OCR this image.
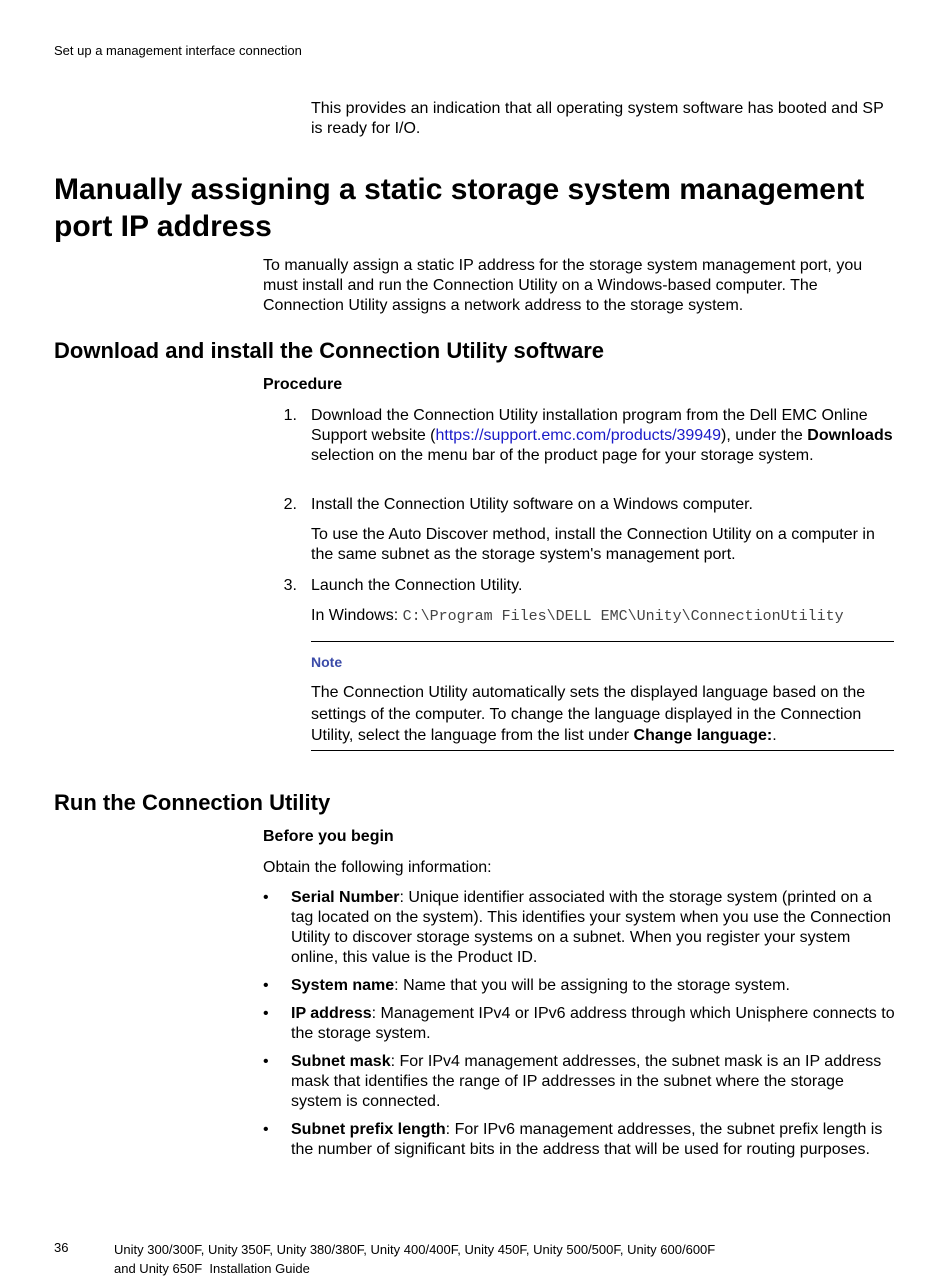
Set up a management interface connection
This provides an indication that all operating system software has booted and SP is ready for I/O.
Manually assigning a static storage system management port IP address
To manually assign a static IP address for the storage system management port, you must install and run the Connection Utility on a Windows-based computer. The Connection Utility assigns a network address to the storage system.
Download and install the Connection Utility software
Procedure
1. Download the Connection Utility installation program from the Dell EMC Online Support website (https://support.emc.com/products/39949), under the Downloads selection on the menu bar of the product page for your storage system.
2. Install the Connection Utility software on a Windows computer.
To use the Auto Discover method, install the Connection Utility on a computer in the same subnet as the storage system's management port.
3. Launch the Connection Utility.
In Windows: C:\Program Files\DELL EMC\Unity\ConnectionUtility
Note
The Connection Utility automatically sets the displayed language based on the settings of the computer. To change the language displayed in the Connection Utility, select the language from the list under Change language:.
Run the Connection Utility
Before you begin
Obtain the following information:
• Serial Number: Unique identifier associated with the storage system (printed on a tag located on the system). This identifies your system when you use the Connection Utility to discover storage systems on a subnet. When you register your system online, this value is the Product ID.
• System name: Name that you will be assigning to the storage system.
• IP address: Management IPv4 or IPv6 address through which Unisphere connects to the storage system.
• Subnet mask: For IPv4 management addresses, the subnet mask is an IP address mask that identifies the range of IP addresses in the subnet where the storage system is connected.
• Subnet prefix length: For IPv6 management addresses, the subnet prefix length is the number of significant bits in the address that will be used for routing purposes.
36	Unity 300/300F, Unity 350F, Unity 380/380F, Unity 400/400F, Unity 450F, Unity 500/500F, Unity 600/600F
and Unity 650F  Installation Guide
